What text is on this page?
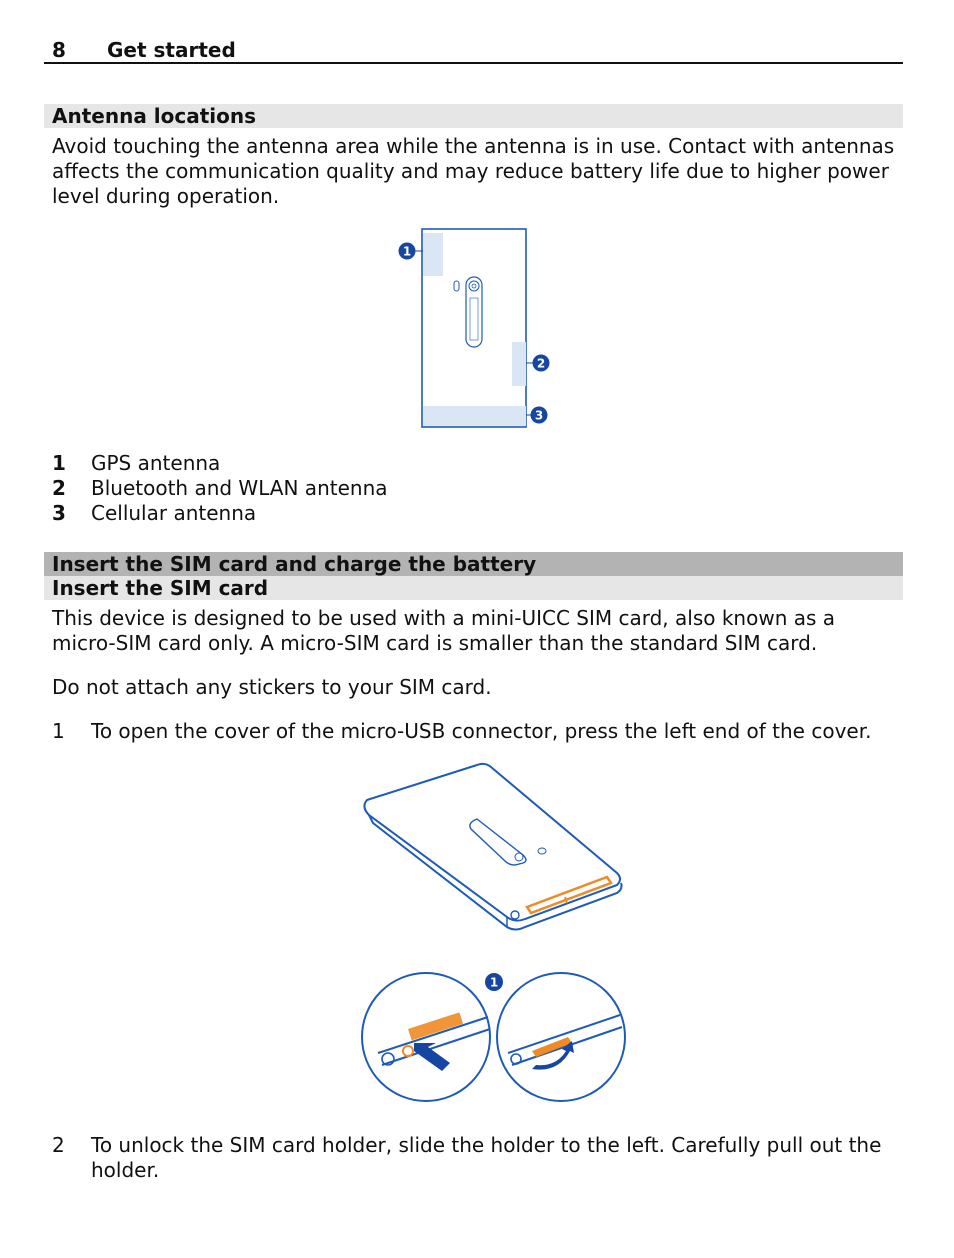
8 Get started
Antenna locations
Avoid touching the antenna area while the antenna is in use. Contact with antennas affects the communication quality and may reduce battery life due to higher power level during operation.
1
2
3
1 GPS antenna
2 Bluetooth and WLAN antenna
3 Cellular antenna
Insert the SIM card and charge the battery
Insert the SIM card
This device is designed to be used with a mini-UICC SIM card, also known as a micro-SIM card only. A micro-SIM card is smaller than the standard SIM card.
Do not attach any stickers to your SIM card.
1 To open the cover of the micro-USB connector, press the left end of the cover.
1
2 To unlock the SIM card holder, slide the holder to the left. Carefully pull out the holder.
